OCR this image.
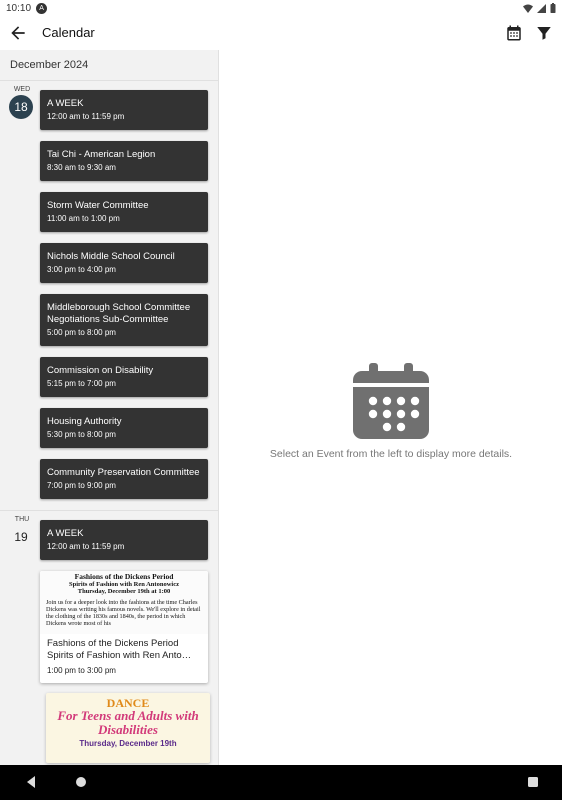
10:10	A
Calendar
December 2024
WED
18	A WEEK
12:00 am to 11:59 pm
Tai Chi - American Legion
8:30 am to 9:30 am
Storm Water Committee
11:00 am to 1:00 pm
Nichols Middle School Council
3:00 pm to 4:00 pm
Middleborough School Committee Negotiations Sub-Committee
5:00 pm to 8:00 pm
Commission on Disability
5:15 pm to 7:00 pm
Housing Authority
5:30 pm to 8:00 pm
Community Preservation Committee
7:00 pm to 9:00 pm
THU
19	A WEEK
12:00 am to 11:59 pm
Fashions of the Dickens Period
Spirits of Fashion with Ren Antonowicz
Thursday, December 19th at 1:00
Join us for a deeper look into the fashions at the time Charles Dickens was writing his famous novels. We'll explore in detail the clothing of the 1830s and 1840s, the period in which Dickens wrote most of his
Fashions of the Dickens Period Spirits of Fashion with Ren Anto…
1:00 pm to 3:00 pm
DANCE
For Teens and Adults with Disabilities
Thursday, December 19th
Select an Event from the left to display more details.
